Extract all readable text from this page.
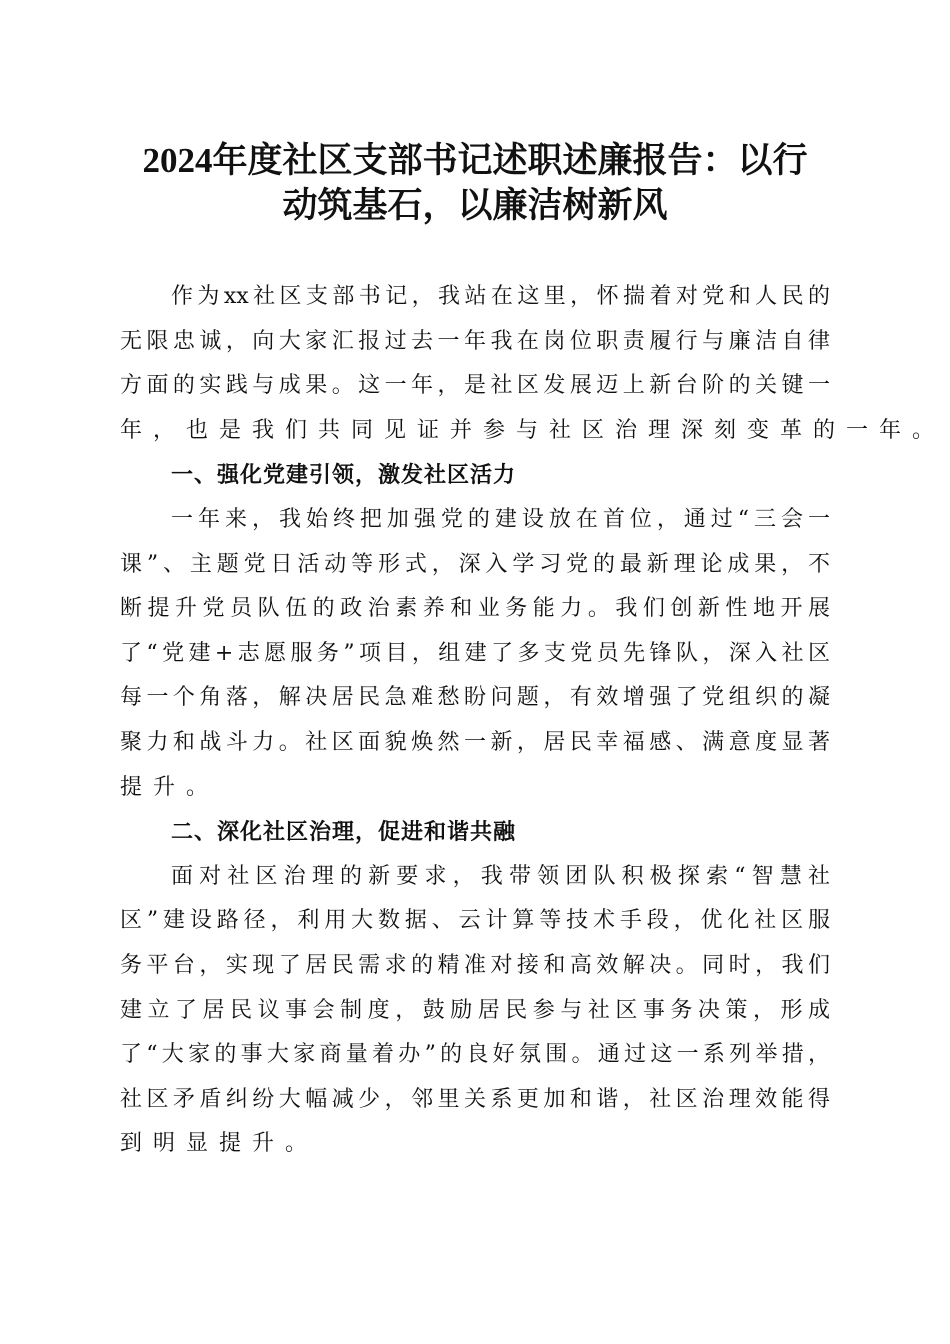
2024年度社区支部书记述职述廉报告：以行
动筑基石，以廉洁树新风
作为xx社区支部书记，我站在这里，怀揣着对党和人民的
无限忠诚，向大家汇报过去一年我在岗位职责履行与廉洁自律
方面的实践与成果。这一年，是社区发展迈上新台阶的关键一
年，也是我们共同见证并参与社区治理深刻变革的一年。
一、强化党建引领，激发社区活力
一年来，我始终把加强党的建设放在首位，通过“三会一
课”、主题党日活动等形式，深入学习党的最新理论成果，不
断提升党员队伍的政治素养和业务能力。我们创新性地开展
了“党建+志愿服务”项目，组建了多支党员先锋队，深入社区
每一个角落，解决居民急难愁盼问题，有效增强了党组织的凝
聚力和战斗力。社区面貌焕然一新，居民幸福感、满意度显著
提升。
二、深化社区治理，促进和谐共融
面对社区治理的新要求，我带领团队积极探索“智慧社
区”建设路径，利用大数据、云计算等技术手段，优化社区服
务平台，实现了居民需求的精准对接和高效解决。同时，我们
建立了居民议事会制度，鼓励居民参与社区事务决策，形成
了“大家的事大家商量着办”的良好氛围。通过这一系列举措，
社区矛盾纠纷大幅减少，邻里关系更加和谐，社区治理效能得
到明显提升。
